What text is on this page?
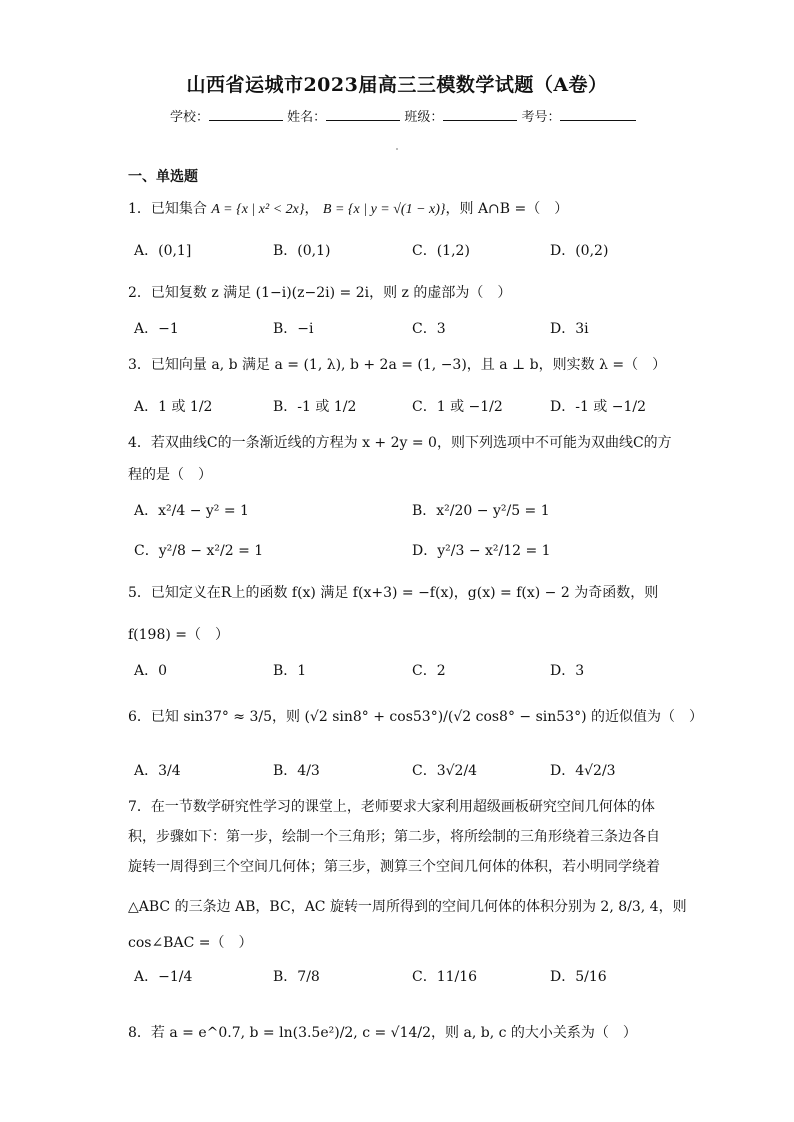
山西省运城市2023届高三三模数学试题（A卷）
学校：	姓名：	班级：	考号：
一、单选题
1．已知集合 A = {x | x² < 2x}， B = {x | y = √(1 − x)}，则 A∩B =（　）
A．(0,1]	B．(0,1)	C．(1,2)	D．(0,2)
2．已知复数 z 满足 (1−i)(z−2i) = 2i，则 z 的虚部为（　）
A．−1	B．−i	C．3	D．3i
3．已知向量 a, b 满足 a = (1, λ), b + 2a = (1, −3)，且 a ⊥ b，则实数 λ =（　）
A．1 或 1/2	B．-1 或 1/2	C．1 或 −1/2	D．-1 或 −1/2
4．若双曲线C的一条渐近线的方程为 x + 2y = 0，则下列选项中不可能为双曲线C的方
程的是（　）
A．x²/4 − y² = 1	B．x²/20 − y²/5 = 1
C．y²/8 − x²/2 = 1	D．y²/3 − x²/12 = 1
5．已知定义在R上的函数 f(x) 满足 f(x+3) = −f(x)，g(x) = f(x) − 2 为奇函数，则
f(198) =（　）
A．0	B．1	C．2	D．3
6．已知 sin37° ≈ 3/5，则 (√2 sin8° + cos53°)/(√2 cos8° − sin53°) 的近似值为（　）
A．3/4	B．4/3	C．3√2/4	D．4√2/3
7．在一节数学研究性学习的课堂上，老师要求大家利用超级画板研究空间几何体的体
积，步骤如下：第一步，绘制一个三角形；第二步，将所绘制的三角形绕着三条边各自
旋转一周得到三个空间几何体；第三步，测算三个空间几何体的体积，若小明同学绕着
△ABC 的三条边 AB，BC，AC 旋转一周所得到的空间几何体的体积分别为 2, 8/3, 4，则
cos∠BAC =（　）
A．−1/4	B．7/8	C．11/16	D．5/16
8．若 a = e^0.7, b = ln(3.5e²)/2, c = √14/2，则 a, b, c 的大小关系为（　）
